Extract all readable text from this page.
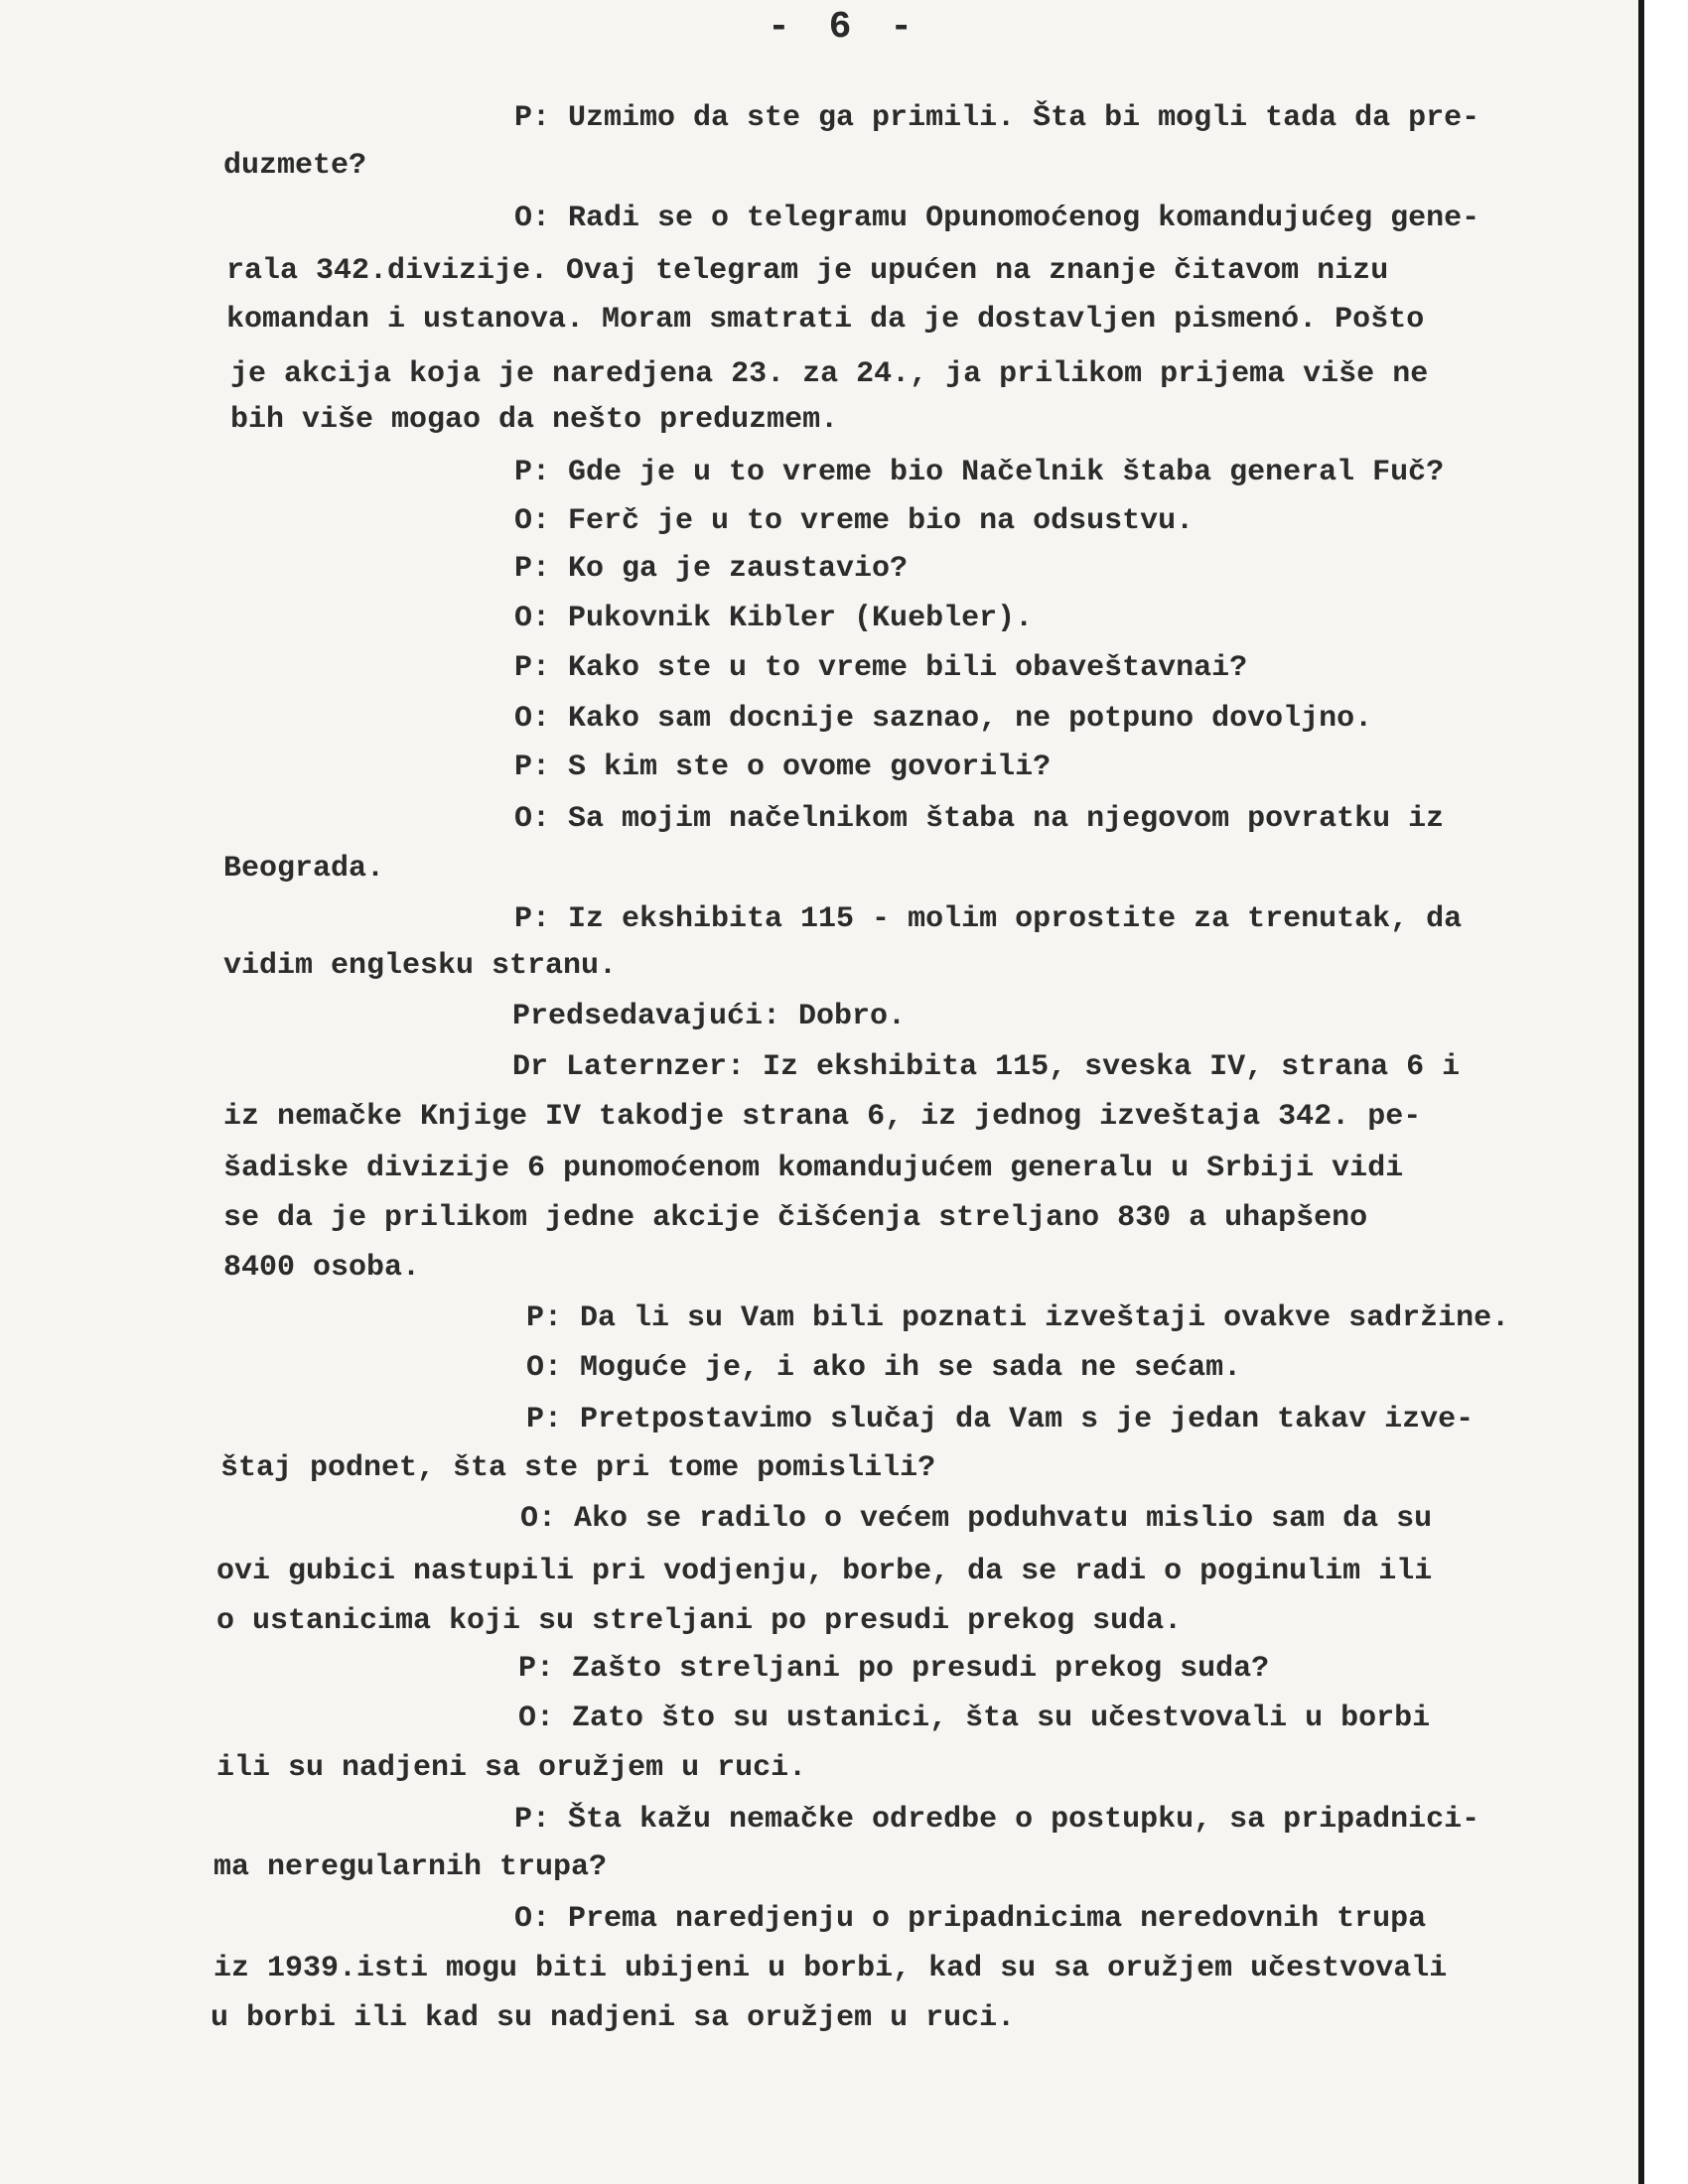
- 6 -
P: Uzmimo da ste ga primili. Šta bi mogli tada da pre-
duzmete?
O: Radi se o telegramu Opunomoćenog komandujućeg gene-
rala 342.divizije. Ovaj telegram je upućen na znanje čitavom nizu
komandan i ustanova. Moram smatrati da je dostavljen pismenó. Pošto
je akcija koja je naredjena 23. za 24., ja prilikom prijema više ne
bih više mogao da nešto preduzmem.
P: Gde je u to vreme bio Načelnik štaba general Fuč?
O: Ferč je u to vreme bio na odsustvu.
P: Ko ga je zaustavio?
O: Pukovnik Kibler (Kuebler).
P: Kako ste u to vreme bili obaveštavnai?
O: Kako sam docnije saznao, ne potpuno dovoljno.
P: S kim ste o ovome govorili?
O: Sa mojim načelnikom štaba na njegovom povratku iz
Beograda.
P: Iz ekshibita 115 - molim oprostite za trenutak, da
vidim englesku stranu.
Predsedavajući: Dobro.
Dr Laternzer: Iz ekshibita 115, sveska IV, strana 6 i
iz nemačke Knjige IV takodje strana 6, iz jednog izveštaja 342. pe-
šadiske divizije 6 punomoćenom komandujućem generalu u Srbiji vidi
se da je prilikom jedne akcije čišćenja streljano 830 a uhapšeno
8400 osoba.
P: Da li su Vam bili poznati izveštaji ovakve sadržine.
O: Moguće je, i ako ih se sada ne sećam.
P: Pretpostavimo slučaj da Vam s je jedan takav izve-
štaj podnet, šta ste pri tome pomislili?
O: Ako se radilo o većem poduhvatu mislio sam da su
ovi gubici nastupili pri vodjenju, borbe, da se radi o poginulim ili
o ustanicima koji su streljani po presudi prekog suda.
P: Zašto streljani po presudi prekog suda?
O: Zato što su ustanici, šta su učestvovali u borbi
ili su nadjeni sa oružjem u ruci.
P: Šta kažu nemačke odredbe o postupku, sa pripadnici-
ma neregularnih trupa?
O: Prema naredjenju o pripadnicima neredovnih trupa
iz 1939.isti mogu biti ubijeni u borbi, kad su sa oružjem učestvovali
u borbi ili kad su nadjeni sa oružjem u ruci.
